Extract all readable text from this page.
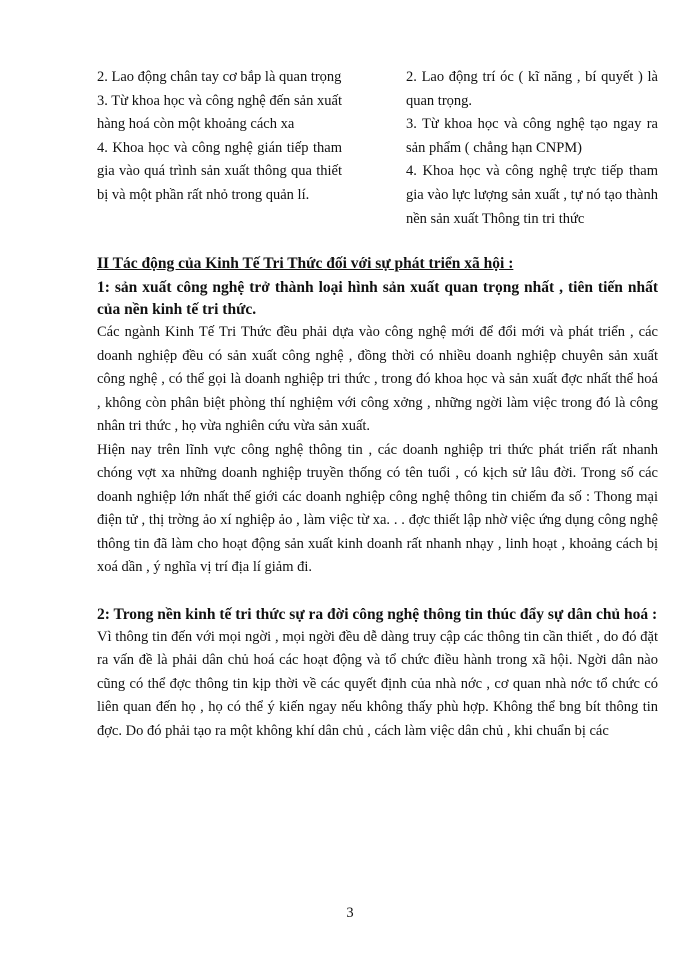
2. Lao động chân tay cơ bắp là quan trọng

3. Từ khoa học và công nghệ đến sản xuất hàng hoá còn một khoảng cách xa

4. Khoa học và công nghệ gián tiếp tham gia vào quá trình sản xuất thông qua thiết bị và một phần rất nhỏ trong quản lí.

2. Lao động trí óc ( kĩ năng , bí quyết ) là quan trọng.

3. Từ khoa học và công nghệ tạo ngay ra sản phẩm ( chẳng hạn CNPM)

4. Khoa học và công nghệ trực tiếp tham gia vào lực lượng sản xuất , tự nó tạo thành nền sản xuất Thông tin tri thức

II Tác động của Kinh Tế Tri Thức đối với sự phát triển xã hội :

1: sản xuất công nghệ trở thành loại hình sản xuất quan trọng nhất , tiên tiến nhất của nền kinh tế tri thức.

Các ngành Kinh Tế Tri Thức đều phải dựa vào công nghệ mới để đổi mới và phát triển , các doanh nghiệp đều có sản xuất công nghệ , đồng thời có nhiều doanh nghiệp chuyên sản xuất công nghệ , có thể gọi là doanh nghiệp tri thức , trong đó khoa học và sản xuất đợc nhất thể hoá , không còn phân biệt phòng thí nghiệm với công xởng , những ngời làm việc trong đó là công nhân tri thức , họ vừa nghiên cứu vừa sản xuất.

Hiện nay trên lĩnh vực công nghệ thông tin , các doanh nghiệp tri thức phát triển rất nhanh chóng vợt xa những doanh nghiệp truyền thống có tên tuổi , có kịch sử lâu đời. Trong số các doanh nghiệp lớn nhất thế giới các doanh nghiệp công nghệ thông tin chiếm đa số : Thong mại điện tử , thị trờng ảo xí nghiệp ảo , làm việc từ xa. . . đợc thiết lập nhờ việc ứng dụng công nghệ thông tin đã làm cho hoạt động sản xuất kinh doanh rất nhanh nhạy , linh hoạt , khoảng cách bị xoá dần , ý nghĩa vị trí địa lí giảm đi.

2: Trong nền kinh tế tri thức sự ra đời công nghệ thông tin thúc đẩy sự dân chủ hoá :

Vì thông tin đến với mọi ngời , mọi ngời đều dễ dàng truy cập các thông tin cần thiết , do đó đặt ra vấn đề là phải dân chủ hoá các hoạt động và tổ chức điều hành trong xã hội. Ngời dân nào cũng có thể đợc thông tin kịp thời về các quyết định của nhà nớc , cơ quan nhà nớc tổ chức có liên quan đến họ , họ có thể ý kiến ngay nếu không thấy phù hợp. Không thể bng bít thông tin đợc. Do đó phải tạo ra một không khí dân chủ , cách làm việc dân chủ , khi chuẩn bị các

3
